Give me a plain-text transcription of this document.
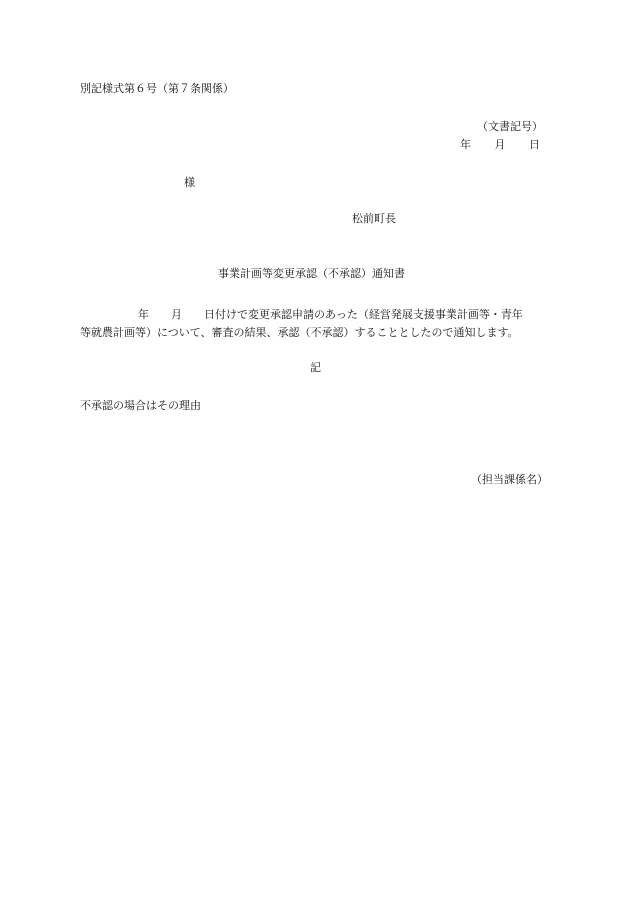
別記様式第６号（第７条関係）
（文書記号）
年 月 日
様
松前町長
事業計画等変更承認（不承認）通知書
年 月 日付けで変更承認申請のあった（経営発展支援事業計画等・青年
等就農計画等）について、審査の結果、承認（不承認）することとしたので通知します。
記
不承認の場合はその理由
（担当課係名）
